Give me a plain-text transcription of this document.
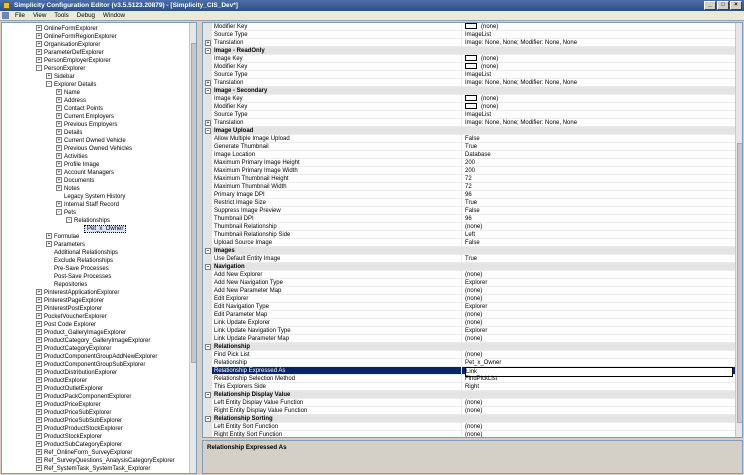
Simplicity Configuration Editor (v3.5.5123.20879) - [Simplicity_CIS_Dev*]	_	□	×
File	View	Tools	Debug	Window
+ OnlineFormExplorer
+ OnlineFormRegionExplorer
+ OrganisationExplorer
+ ParameterDefExplorer
+ PersonEmployerExplorer
- PersonExplorer
+ Sidebar
- Explorer Details
+ Name
+ Address
+ Contact Points
+ Current Employers
+ Previous Employers
+ Details
+ Current Owned Vehicle
+ Previous Owned Vehicles
+ Activities
+ Profile Image
+ Account Managers
+ Documents
+ Notes
Legacy System History
+ Internal Staff Record
- Pets
- Relationships
Pet_x_Owner
+ Formulae
+ Parameters
Additional Relationships
Exclude Relationships
Pre-Save Processes
Post-Save Processes
Repositories
+ PinterestApplicationExplorer
+ PinterestPageExplorer
+ PinterestPostExplorer
+ PocketVoucherExplorer
+ Post Code Explorer
+ Product_GalleryImageExplorer
+ ProductCategory_GalleryImageExplorer
+ ProductCategoryExplorer
+ ProductComponentGroupAddNewExplorer
+ ProductComponentGroupSubExplorer
+ ProductDistributionExplorer
+ ProductExplorer
+ ProductOutletExplorer
+ ProductPackComponentExplorer
+ ProductPriceExplorer
+ ProductPriceSubExplorer
+ ProductPriceSubSubExplorer
+ ProductProductStockExplorer
+ ProductStockExplorer
+ ProductSubCategoryExplorer
+ Ref_OnlineForm_SurveyExplorer
+ Ref_SurveyQuestions_AnalysisCategoryExplorer
+ Ref_SystemTask_SystemTask_Explorer
Modifier Key	(none)
Source Type	ImageList
+ Translation	Image: None, None; Modifier: None, None
− Image - ReadOnly
Image Key	(none)
Modifier Key	(none)
Source Type	ImageList
+ Translation	Image: None, None; Modifier: None, None
− Image - Secondary
Image Key	(none)
Modifier Key	(none)
Source Type	ImageList
+ Translation	Image: None, None; Modifier: None, None
− Image Upload
Allow Multiple Image Upload	False
Generate Thumbnail	True
Image Location	Database
Maximum Primary Image Height	200
Maximum Primary Image Width	200
Maximum Thumbnail Height	72
Maximum Thumbnail Width	72
Primary Image DPI	96
Restrict Image Size	True
Suppress Image Preview	False
Thumbnail DPI	96
Thumbnail Relationship	(none)
Thumbnail Relationship Side	Left
Upload Source Image	False
− Images
Use Default Entity Image	True
− Navigation
Add New Explorer	(none)
Add New Navigation Type	Explorer
Add New Parameter Map	(none)
Edit Explorer	(none)
Edit Navigation Type	Explorer
Edit Parameter Map	(none)
Link Update Explorer	(none)
Link Update Navigation Type	Explorer
Link Update Parameter Map	(none)
− Relationship
Find Pick List	(none)
Relationship	Pet_x_Owner
Relationship Expressed As	Link
Relationship Selection Method	FindPickList
This Explorers Side	Right
− Relationship Display Value
Left Entity Display Value Function	(none)
Right Entity Display Value Function	(none)
− Relationship Sorting
Left Entity Sort Function	(none)
Right Entity Sort Function	(none)
Relationship Expressed As
